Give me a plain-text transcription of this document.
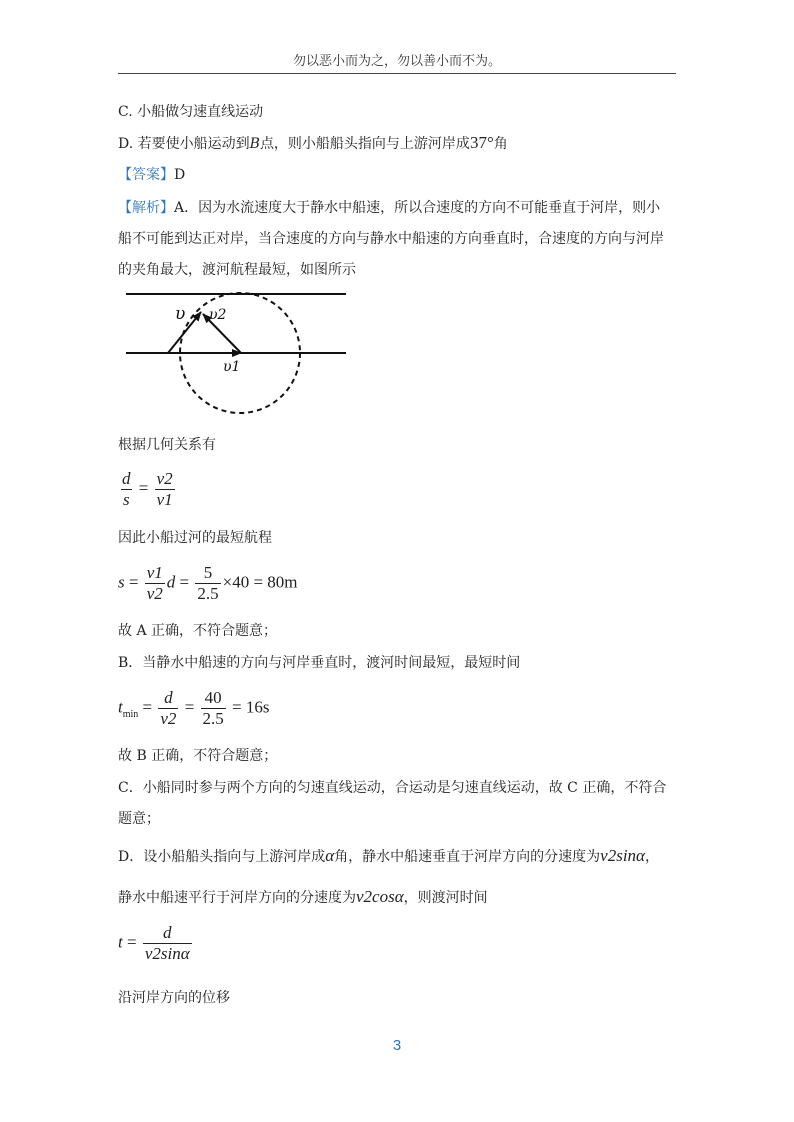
勿以恶小而为之，勿以善小而不为。
C. 小船做匀速直线运动
D. 若要使小船运动到B点，则小船船头指向与上游河岸成37°角
【答案】D
【解析】A．因为水流速度大于静水中船速，所以合速度的方向不可能垂直于河岸，则小
船不可能到达正对岸，当合速度的方向与静水中船速的方向垂直时，合速度的方向与河岸
的夹角最大，渡河航程最短，如图所示
υ υ2
υ1
根据几何关系有
$\frac{d}{s} = \frac{v2}{v1}$
因此小船过河的最短航程
$s = \frac{v1}{v2}$ $d = \frac{5}{2.5} \times 40 = 80m$
故 A 正确，不符合题意；
B．当静水中船速的方向与河岸垂直时，渡河时间最短，最短时间
$t_{min} = \frac{d}{v2} = \frac{40}{2.5} = 16s$
故 B 正确，不符合题意；
C．小船同时参与两个方向的匀速直线运动，合运动是匀速直线运动，故 C 正确，不符合
题意；
D．设小船船头指向与上游河岸成α角，静水中船速垂直于河岸方向的分速度为v2sinα，
静水中船速平行于河岸方向的分速度为v2cosα，则渡河时间
$t = \frac{d}{v2\sin\alpha}$
沿河岸方向的位移
3
